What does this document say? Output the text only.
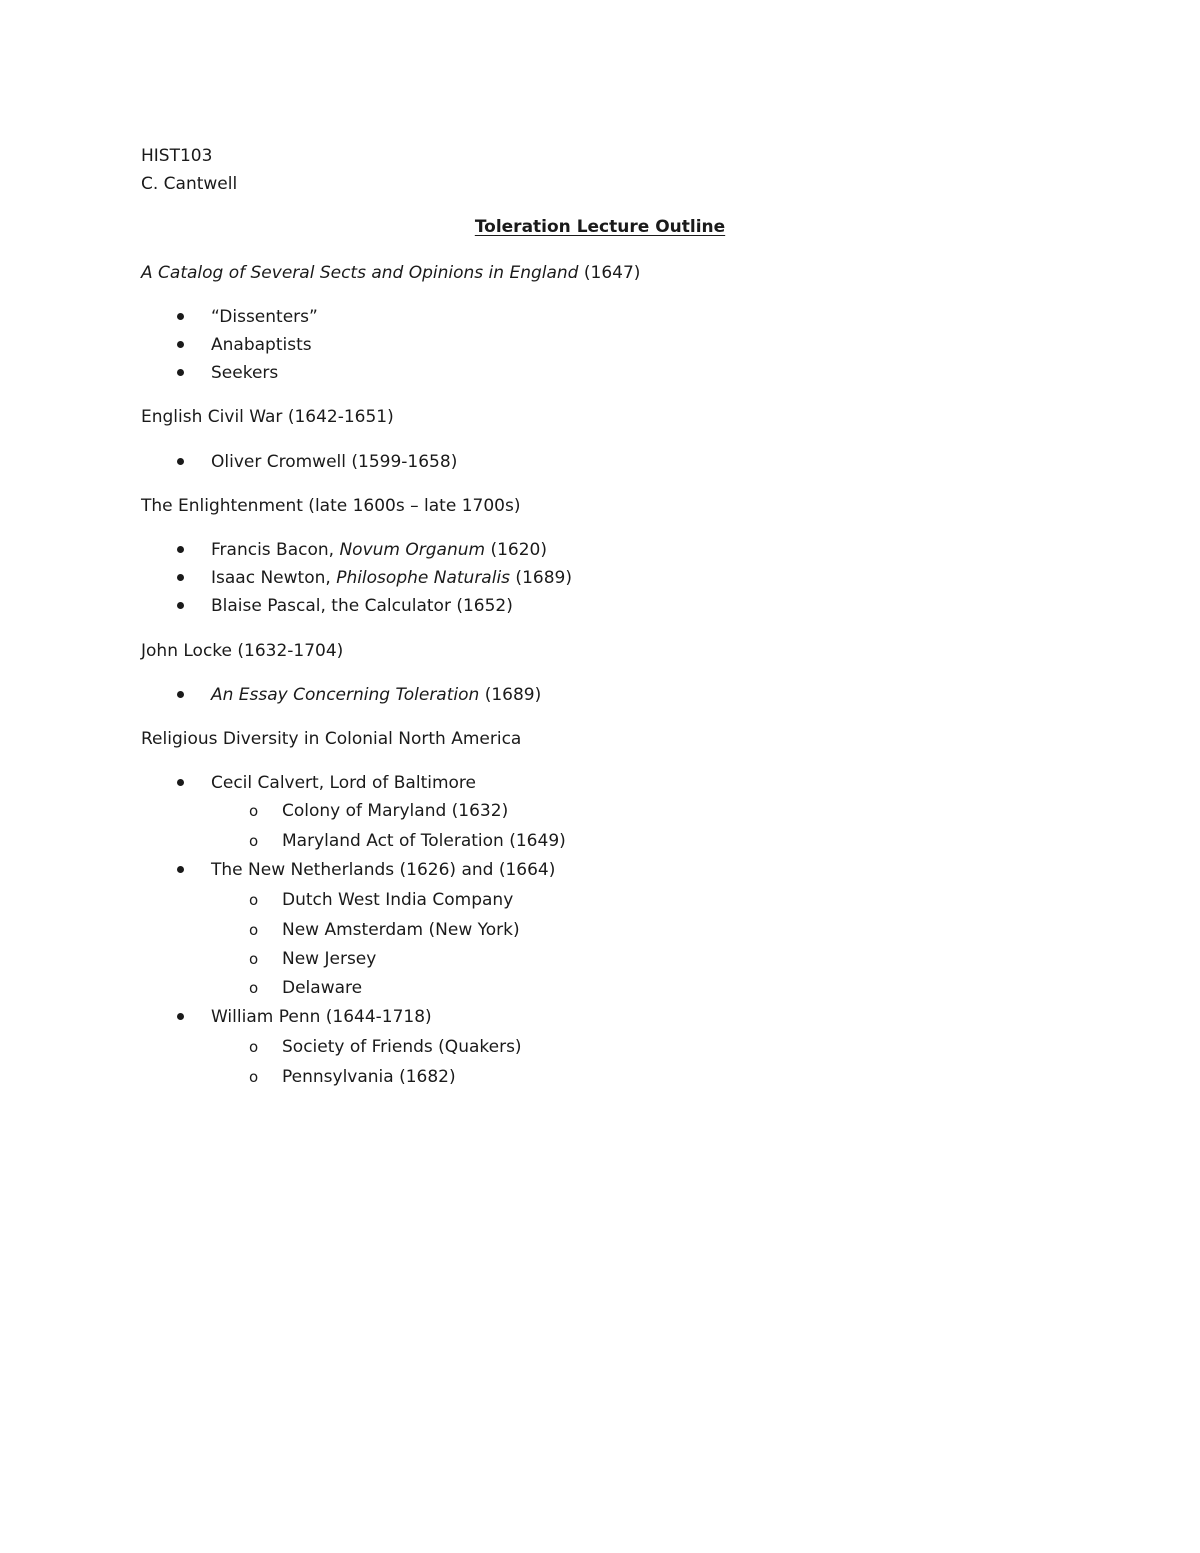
HIST103
C. Cantwell
Toleration Lecture Outline
A Catalog of Several Sects and Opinions in England (1647)
“Dissenters”
Anabaptists
Seekers
English Civil War (1642-1651)
Oliver Cromwell (1599-1658)
The Enlightenment (late 1600s – late 1700s)
Francis Bacon, Novum Organum (1620)
Isaac Newton, Philosophe Naturalis (1689)
Blaise Pascal, the Calculator (1652)
John Locke (1632-1704)
An Essay Concerning Toleration (1689)
Religious Diversity in Colonial North America
Cecil Calvert, Lord of Baltimore
o Colony of Maryland (1632)
o Maryland Act of Toleration (1649)
The New Netherlands (1626) and (1664)
o Dutch West India Company
o New Amsterdam (New York)
o New Jersey
o Delaware
William Penn (1644-1718)
o Society of Friends (Quakers)
o Pennsylvania (1682)
